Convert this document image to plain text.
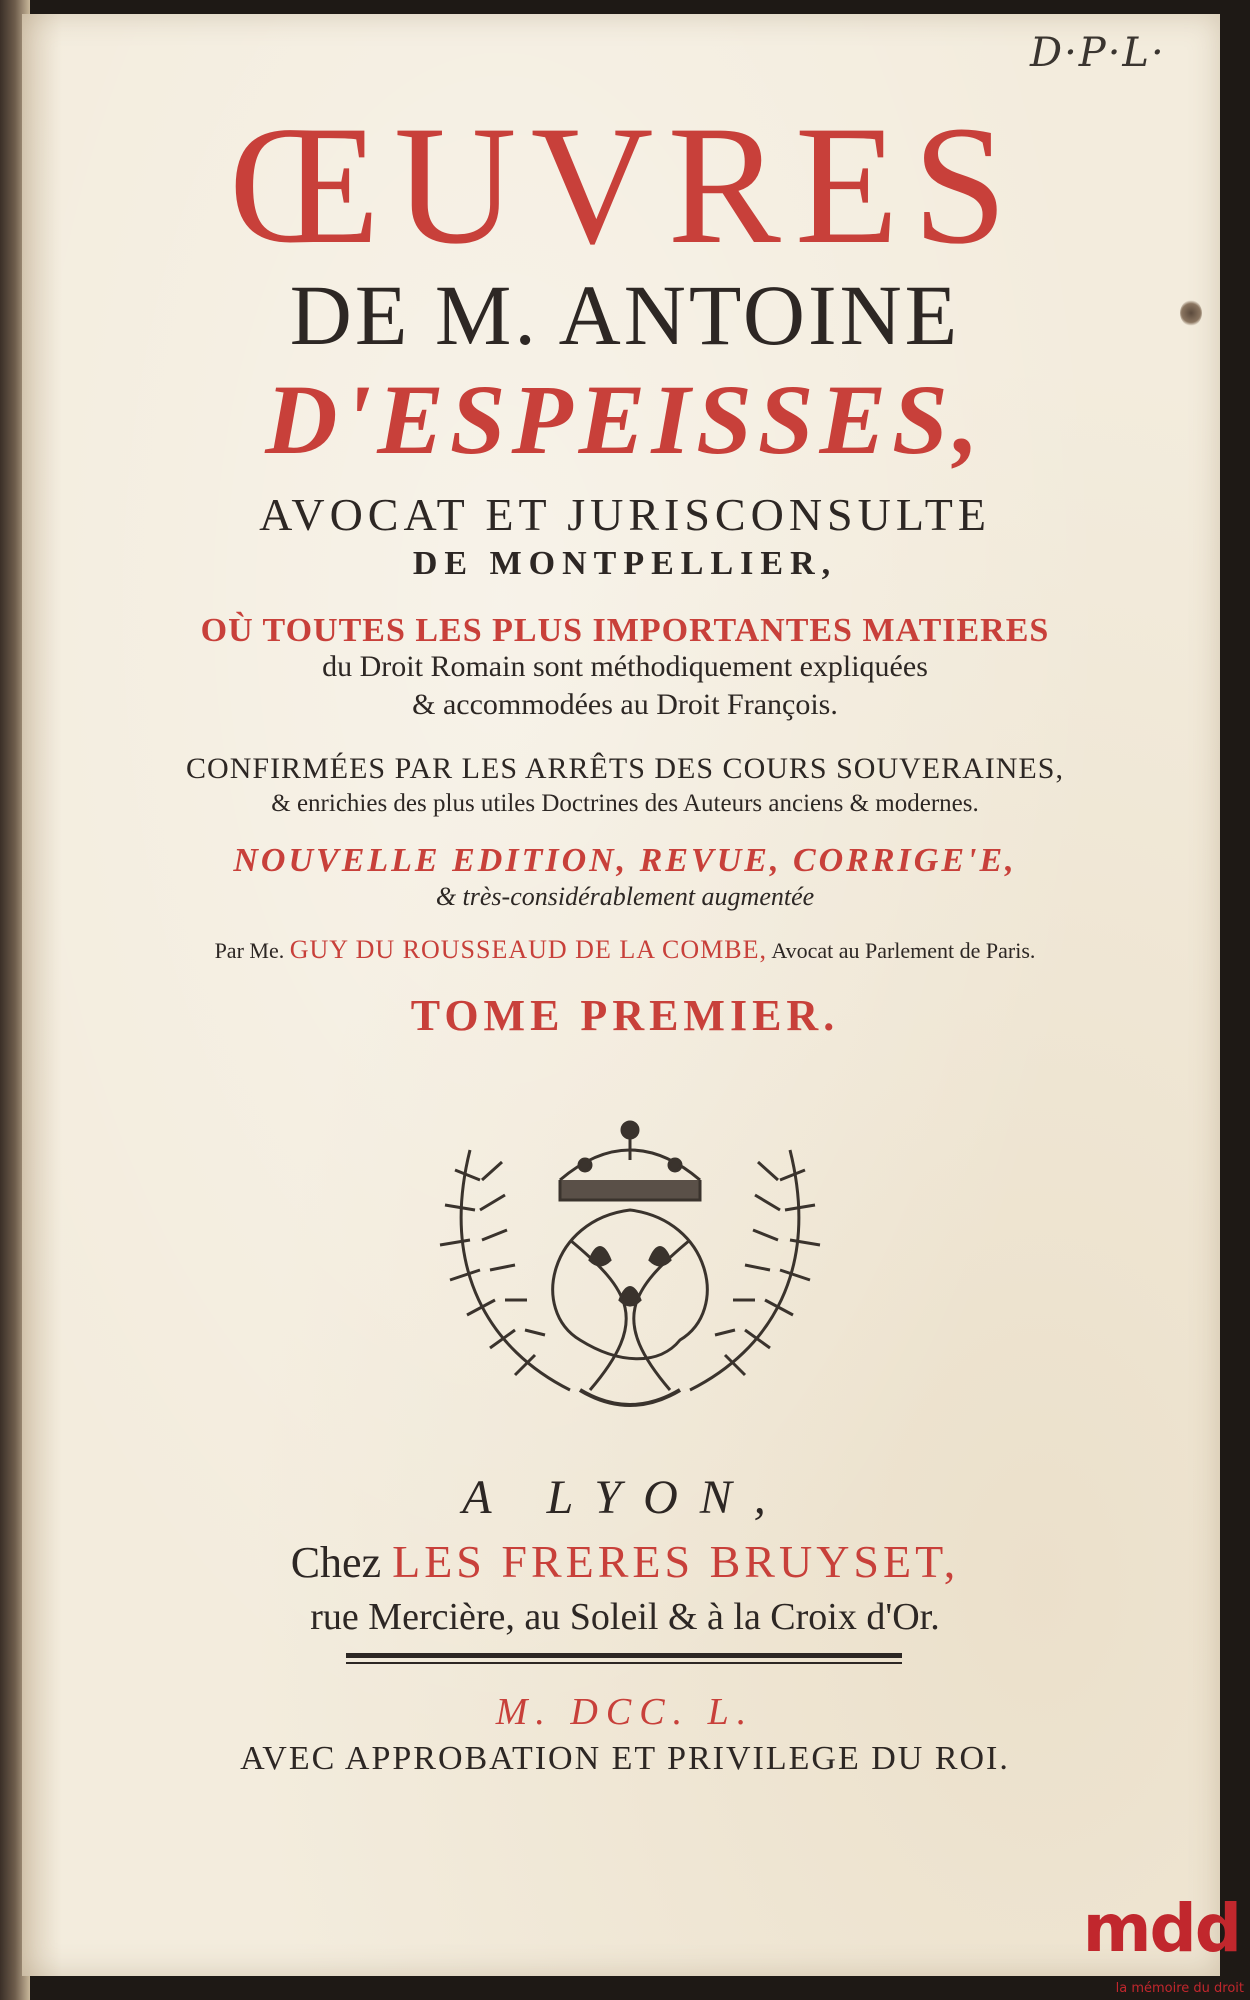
D·P·L·
ŒUVRES
DE M. ANTOINE
D'ESPEISSES,
AVOCAT ET JURISCONSULTE
DE MONTPELLIER,
OÙ TOUTES LES PLUS IMPORTANTES MATIERES
du Droit Romain sont méthodiquement expliquées
& accommodées au Droit François.
CONFIRMÉES PAR LES ARRÊTS DES COURS SOUVERAINES,
& enrichies des plus utiles Doctrines des Auteurs anciens & modernes.
NOUVELLE EDITION, REVUE, CORRIGE'E,
& très-considérablement augmentée
Par Me. GUY DU ROUSSEAUD DE LA COMBE, Avocat au Parlement de Paris.
TOME PREMIER.
A LYON,
Chez LES FRERES BRUYSET,
rue Mercière, au Soleil & à la Croix d'Or.
M. DCC. L.
AVEC APPROBATION ET PRIVILEGE DU ROI.
mdd
la mémoire du droit
